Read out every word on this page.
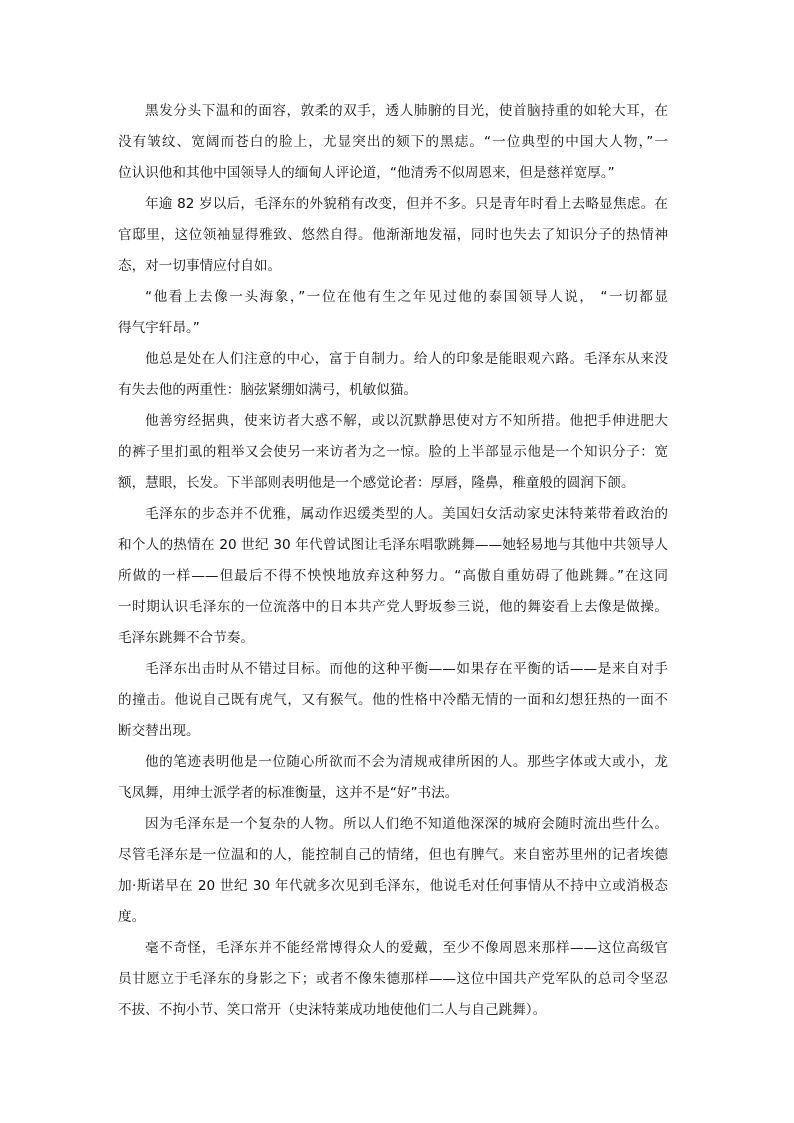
黑发分头下温和的面容，敦柔的双手，透人肺腑的目光，使首脑持重的如轮大耳，在
没有皱纹、宽阔而苍白的脸上，尤显突出的颏下的黑痣。“一位典型的中国大人物，”一
位认识他和其他中国领导人的缅甸人评论道，“他清秀不似周恩来，但是慈祥宽厚。”
年逾 82 岁以后，毛泽东的外貌稍有改变，但并不多。只是青年时看上去略显焦虑。在
官邸里，这位领袖显得雅致、悠然自得。他渐渐地发福，同时也失去了知识分子的热情神
态，对一切事情应付自如。
“他看上去像一头海象，”一位在他有生之年见过他的泰国领导人说， “一切都显
得气宇轩昂。”
他总是处在人们注意的中心，富于自制力。给人的印象是能眼观六路。毛泽东从来没
有失去他的两重性：脑弦紧绷如满弓，机敏似猫。
他善穷经据典，使来访者大惑不解，或以沉默静思使对方不知所措。他把手伸进肥大
的裤子里扪虱的粗举又会使另一来访者为之一惊。脸的上半部显示他是一个知识分子：宽
额，慧眼，长发。下半部则表明他是一个感觉论者：厚唇，隆鼻，稚童般的圆润下颌。
毛泽东的步态并不优雅，属动作迟缓类型的人。美国妇女活动家史沫特莱带着政治的
和个人的热情在 20 世纪 30 年代曾试图让毛泽东唱歌跳舞——她轻易地与其他中共领导人
所做的一样——但最后不得不怏怏地放弃这种努力。“高傲自重妨碍了他跳舞。”在这同
一时期认识毛泽东的一位流落中的日本共产党人野坂参三说，他的舞姿看上去像是做操。
毛泽东跳舞不合节奏。
毛泽东出击时从不错过目标。而他的这种平衡——如果存在平衡的话——是来自对手
的撞击。他说自己既有虎气，又有猴气。他的性格中冷酷无情的一面和幻想狂热的一面不
断交替出现。
他的笔迹表明他是一位随心所欲而不会为清规戒律所困的人。那些字体或大或小，龙
飞凤舞，用绅士派学者的标准衡量，这并不是“好”书法。
因为毛泽东是一个复杂的人物。所以人们绝不知道他深深的城府会随时流出些什么。
尽管毛泽东是一位温和的人，能控制自己的情绪，但也有脾气。来自密苏里州的记者埃德
加·斯诺早在 20 世纪 30 年代就多次见到毛泽东，他说毛对任何事情从不持中立或消极态
度。
毫不奇怪，毛泽东并不能经常博得众人的爱戴，至少不像周恩来那样——这位高级官
员甘愿立于毛泽东的身影之下；或者不像朱德那样——这位中国共产党军队的总司令坚忍
不拔、不拘小节、笑口常开（史沫特莱成功地使他们二人与自己跳舞）。
